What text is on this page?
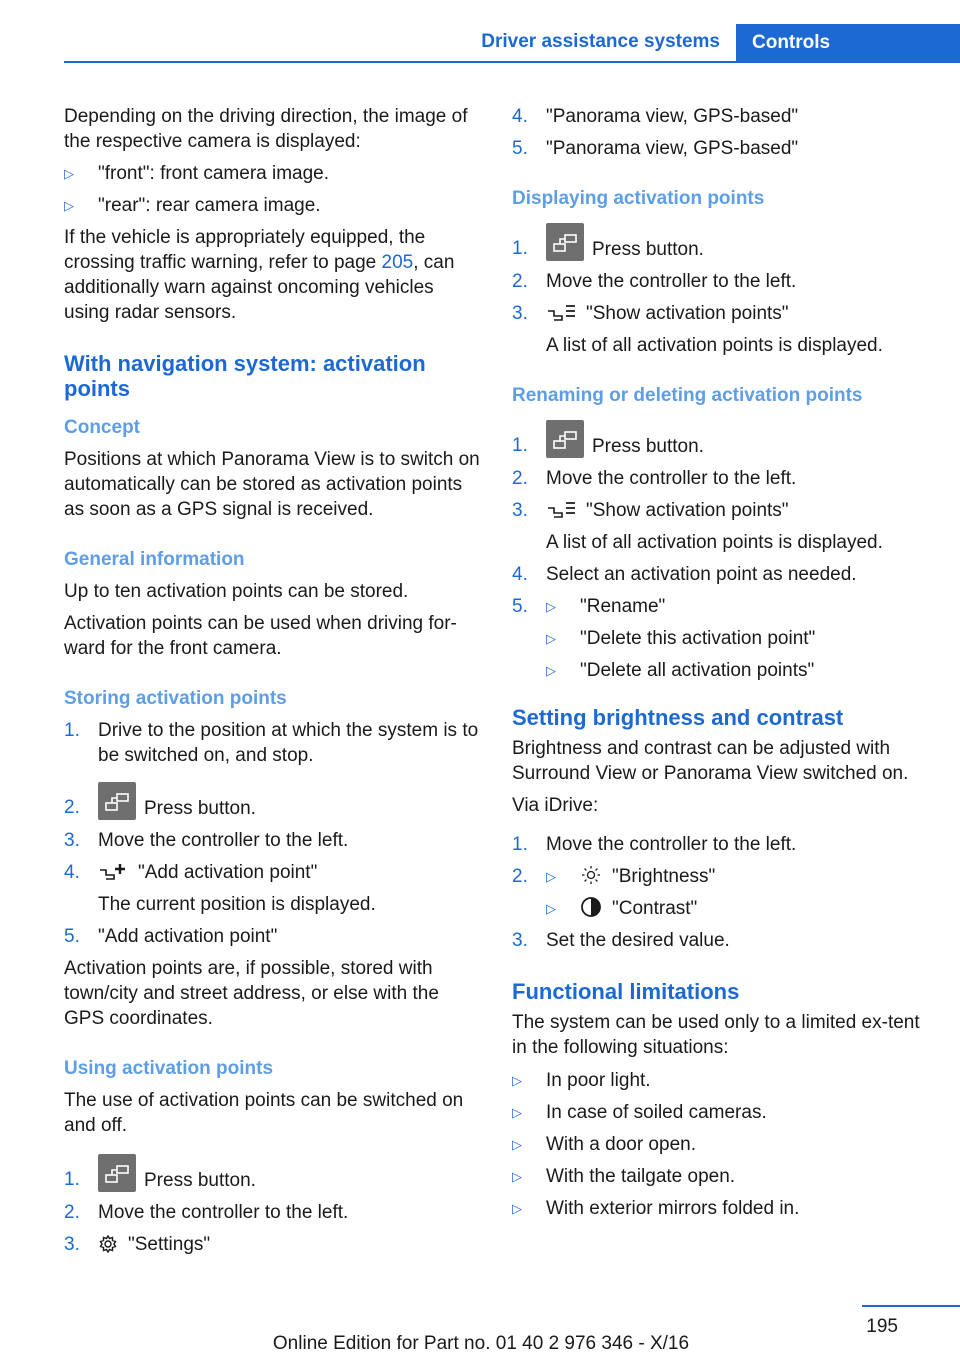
Driver assistance systems	Controls
Depending on the driving direction, the image of the respective camera is displayed:
▷ "front": front camera image.
▷ "rear": rear camera image.
If the vehicle is appropriately equipped, the crossing traffic warning, refer to page 205, can additionally warn against oncoming vehicles using radar sensors.
With navigation system: activation points
Concept
Positions at which Panorama View is to switch on automatically can be stored as activation points as soon as a GPS signal is received.
General information
Up to ten activation points can be stored.
Activation points can be used when driving for‐ward for the front camera.
Storing activation points
1. Drive to the position at which the system is to be switched on, and stop.
2.	Press button.
3. Move the controller to the left.
4.	"Add activation point"
The current position is displayed.
5. "Add activation point"
Activation points are, if possible, stored with town/city and street address, or else with the GPS coordinates.
Using activation points
The use of activation points can be switched on and off.
1.	Press button.
2. Move the controller to the left.
3.	"Settings"
4. "Panorama view, GPS-based"
5. "Panorama view, GPS-based"
Displaying activation points
1.	Press button.
2. Move the controller to the left.
3.	"Show activation points"
A list of all activation points is displayed.
Renaming or deleting activation points
1.	Press button.
2. Move the controller to the left.
3.	"Show activation points"
A list of all activation points is displayed.
4. Select an activation point as needed.
5. ▷ "Rename"
▷ "Delete this activation point"
▷ "Delete all activation points"
Setting brightness and contrast
Brightness and contrast can be adjusted with Surround View or Panorama View switched on.
Via iDrive:
1. Move the controller to the left.
2. ▷	"Brightness"
▷	"Contrast"
3. Set the desired value.
Functional limitations
The system can be used only to a limited ex‐tent in the following situations:
▷ In poor light.
▷ In case of soiled cameras.
▷ With a door open.
▷ With the tailgate open.
▷ With exterior mirrors folded in.
195
Online Edition for Part no. 01 40 2 976 346 - X/16
